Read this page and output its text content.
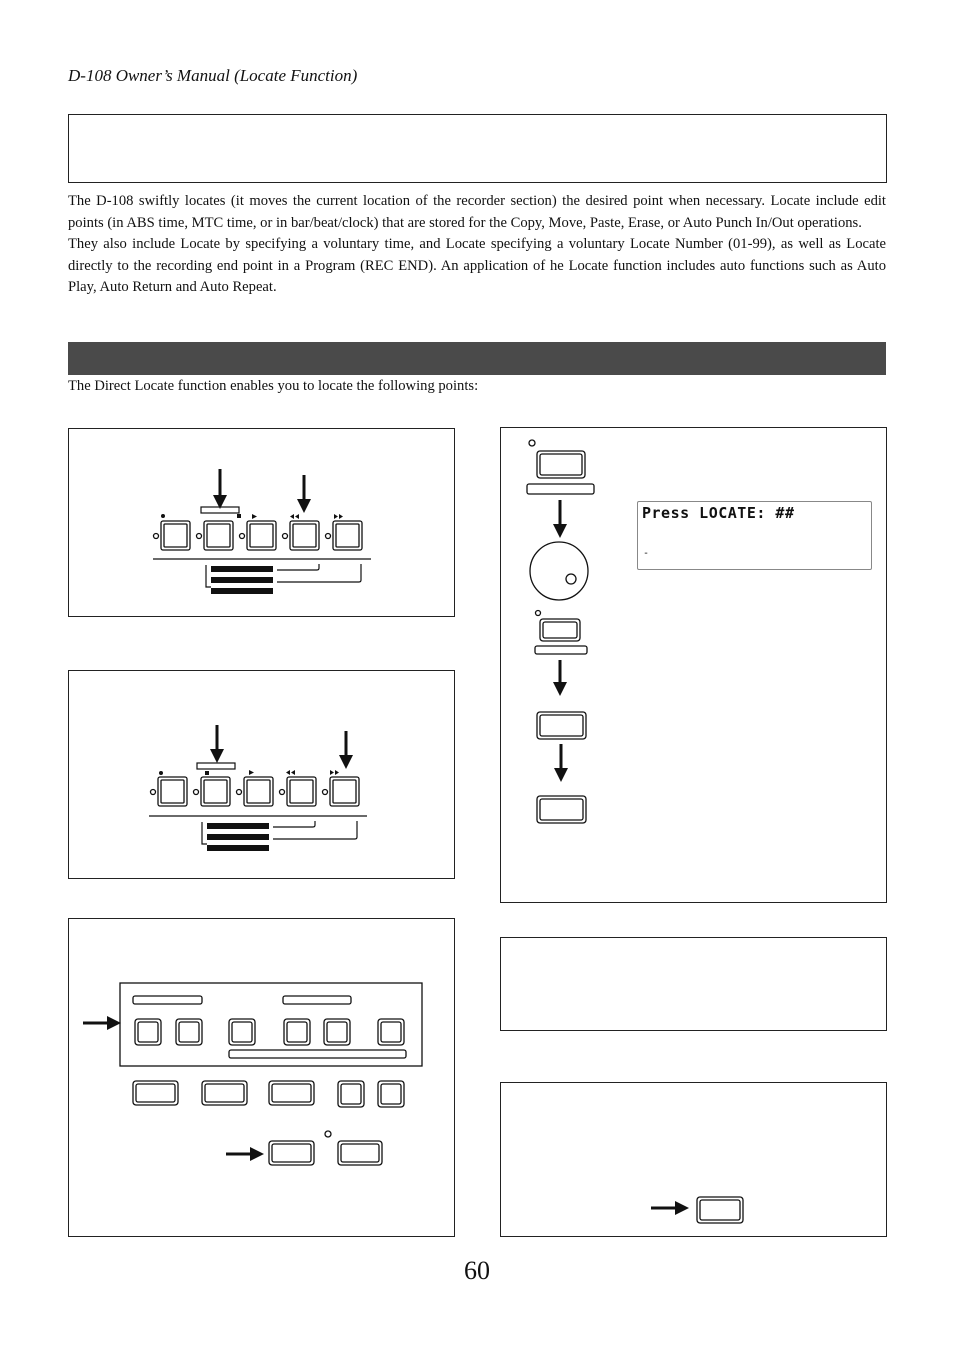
D-108 Owner’s Manual (Locate Function)

The D-108 swiftly locates (it moves the current location of the recorder section) the desired point when necessary. Locate include edit points (in ABS time, MTC time, or in bar/beat/clock) that are stored for the Copy, Move, Paste, Erase, or Auto Punch In/Out operations.

They also include Locate by specifying a voluntary time, and Locate specifying a voluntary Locate Number (01-99), as well as Locate directly to the recording end point in a Program (REC END). An application of he Locate function includes auto functions such as Auto Play, Auto Return and Auto Repeat.

The Direct Locate function enables you to locate the following points:
Press LOCATE: ##
-
60
